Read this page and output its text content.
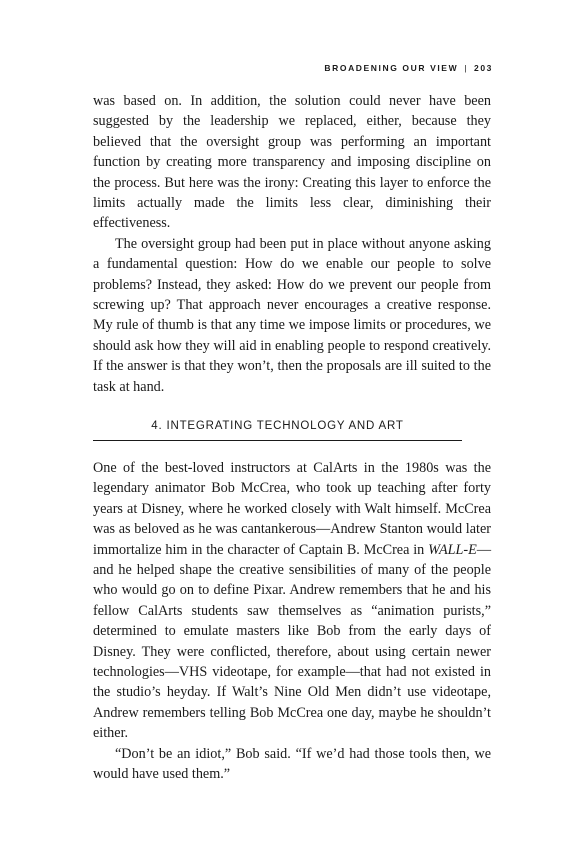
BROADENING OUR VIEW | 203

was based on. In addition, the solution could never have been suggested by the leadership we replaced, either, because they believed that the oversight group was performing an important function by creating more transparency and imposing discipline on the process. But here was the irony: Creating this layer to enforce the limits actually made the limits less clear, diminishing their effectiveness.

The oversight group had been put in place without anyone asking a fundamental question: How do we enable our people to solve problems? Instead, they asked: How do we prevent our people from screwing up? That approach never encourages a creative response. My rule of thumb is that any time we impose limits or procedures, we should ask how they will aid in enabling people to respond creatively. If the answer is that they won’t, then the proposals are ill suited to the task at hand.

4. INTEGRATING TECHNOLOGY AND ART

One of the best-loved instructors at CalArts in the 1980s was the legendary animator Bob McCrea, who took up teaching after forty years at Disney, where he worked closely with Walt himself. McCrea was as beloved as he was cantankerous—Andrew Stanton would later immortalize him in the character of Captain B. McCrea in WALL-E—and he helped shape the creative sensibilities of many of the people who would go on to define Pixar. Andrew remembers that he and his fellow CalArts students saw themselves as “animation purists,” determined to emulate masters like Bob from the early days of Disney. They were conflicted, therefore, about using certain newer technologies—VHS videotape, for example—that had not existed in the studio’s heyday. If Walt’s Nine Old Men didn’t use videotape, Andrew remembers telling Bob McCrea one day, maybe he shouldn’t either.

“Don’t be an idiot,” Bob said. “If we’d had those tools then, we would have used them.”
